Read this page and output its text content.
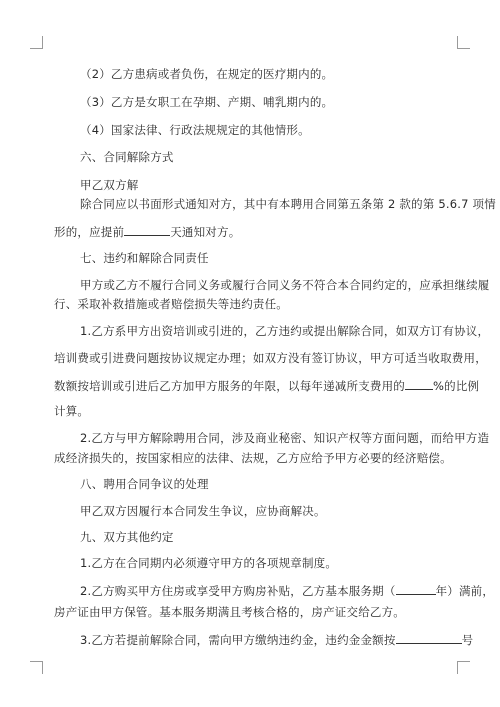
（2）乙方患病或者负伤，在规定的医疗期内的。
（3）乙方是女职工在孕期、产期、哺乳期内的。
（4）国家法律、行政法规规定的其他情形。
六、合同解除方式
甲乙双方解
除合同应以书面形式通知对方，其中有本聘用合同第五条第 2 款的第 5.6.7 项情
形的，应提前	天通知对方。
七、违约和解除合同责任
甲方或乙方不履行合同义务或履行合同义务不符合本合同约定的，应承担继续履
行、采取补救措施或者赔偿损失等违约责任。
1.乙方系甲方出资培训或引进的，乙方违约或提出解除合同，如双方订有协议，
培训费或引进费问题按协议规定办理；如双方没有签订协议，甲方可适当收取费用，
数额按培训或引进后乙方加甲方服务的年限，以每年递减所支费用的 %的比例
计算。
2.乙方与甲方解除聘用合同，涉及商业秘密、知识产权等方面问题，而给甲方造
成经济损失的，按国家相应的法律、法规，乙方应给予甲方必要的经济赔偿。
八、聘用合同争议的处理
甲乙双方因履行本合同发生争议，应协商解决。
九、双方其他约定
1.乙方在合同期内必须遵守甲方的各项规章制度。
2.乙方购买甲方住房或享受甲方购房补贴，乙方基本服务期（	年）满前，
房产证由甲方保管。基本服务期满且考核合格的，房产证交给乙方。
3.乙方若提前解除合同，需向甲方缴纳违约金，违约金金额按	号
